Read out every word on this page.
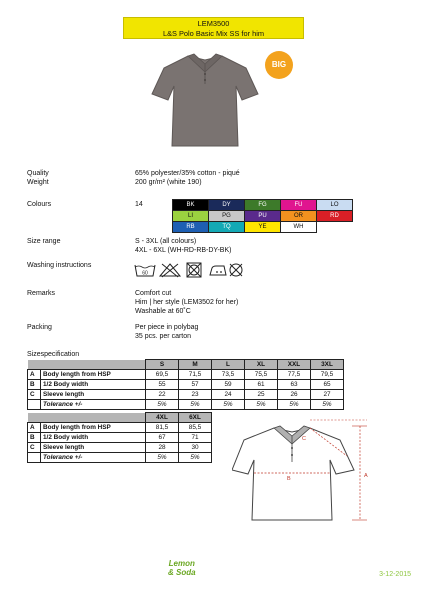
LEM3500
L&S Polo Basic Mix SS for him
BIG
Quality	65% polyester/35% cotton - piqué
Weight	200 gr/m² (white 190)
Colours	14	BK	DY	FG	FU	LO
LI	PG	PU	OR	RD
RB	TQ	YE	WH	
Size range	S - 3XL (all colours)
4XL - 6XL (WH-RD-RB-DY-BK)
Washing instructions
60
Remarks	Comfort cut
Him | her style (LEM3502 for her)
Washable at 60˚C
Packing	Per piece in polybag
35 pcs. per carton
Sizespecification
		S	M	L	XL	XXL	3XL
A	Body length from HSP	69,5	71,5	73,5	75,5	77,5	79,5
B	1/2 Body width	55	57	59	61	63	65
C	Sleeve length	22	23	24	25	26	27
	Tolerance +/-	5%	5%	5%	5%	5%	5%
		4XL	6XL
A	Body length from HSP	81,5	85,5
B	1/2 Body width	67	71
C	Sleeve length	28	30
	Tolerance +/-	5%	5%
A
B
C
Lemon
& Soda	3-12-2015
